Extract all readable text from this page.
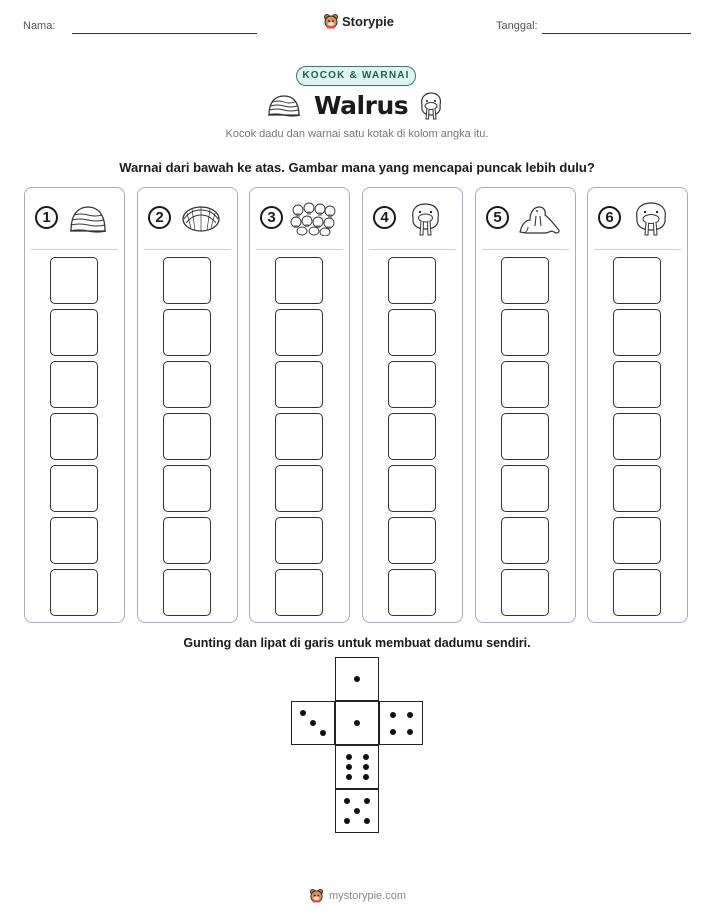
Nama:	Storypie	Tanggal:
KOCOK & WARNAI
Walrus
Kocok dadu dan warnai satu kotak di kolom angka itu.
Warnai dari bawah ke atas. Gambar mana yang mencapai puncak lebih dulu?
1	2	3	4	5	6
Gunting dan lipat di garis untuk membuat dadumu sendiri.
mystorypie.com
